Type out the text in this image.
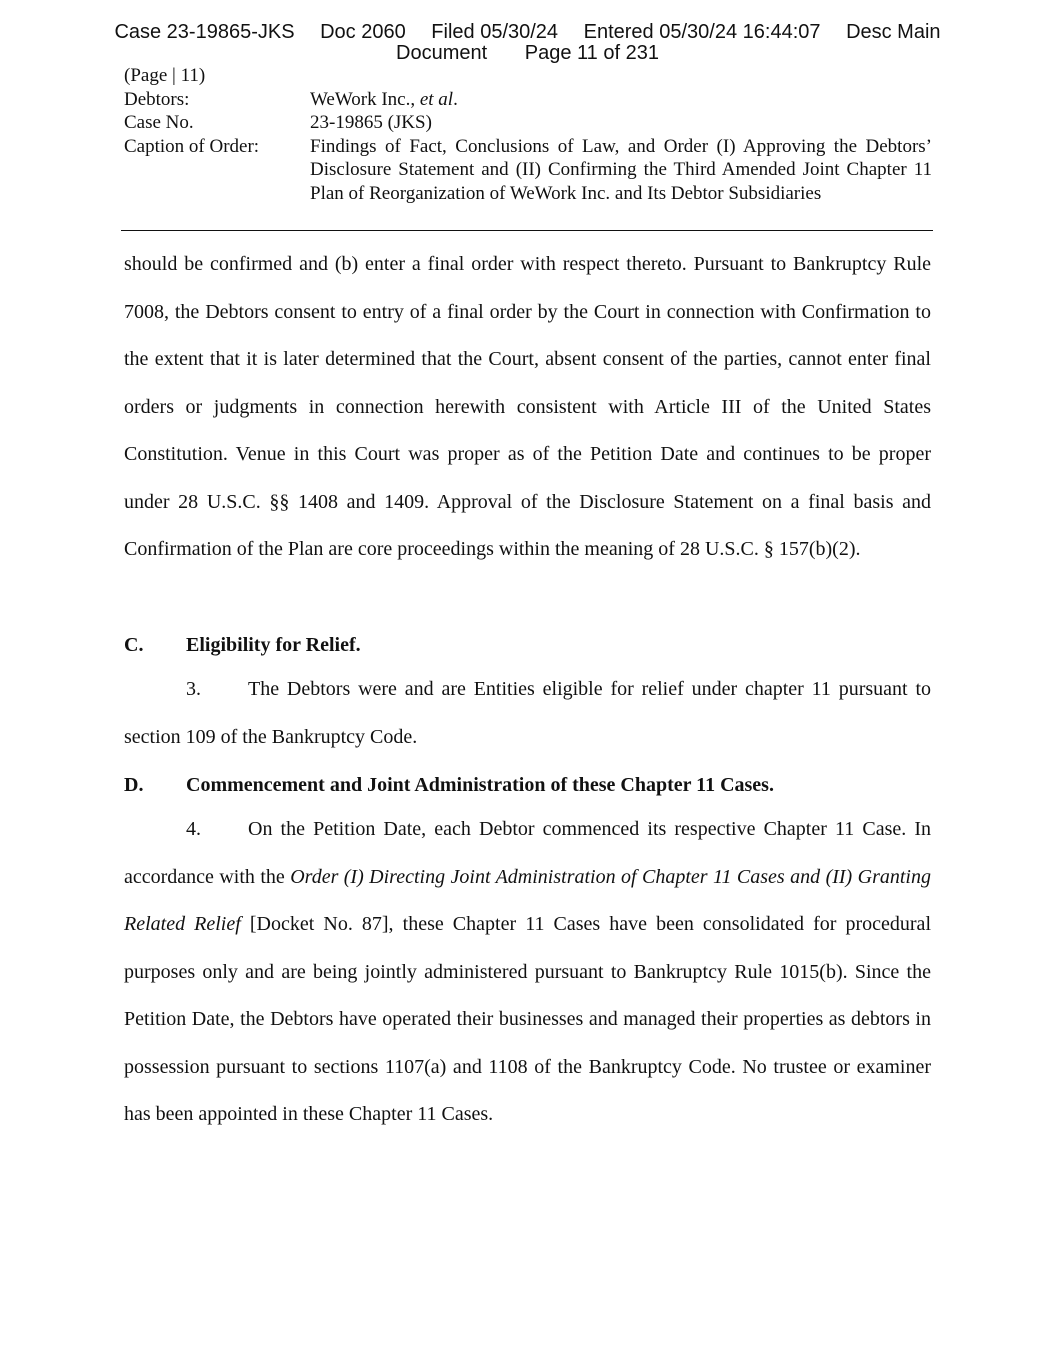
Case 23-19865-JKS Doc 2060 Filed 05/30/24 Entered 05/30/24 16:44:07 Desc Main
Document Page 11 of 231
(Page | 11)
Debtors:	WeWork Inc., et al.
Case No.	23-19865 (JKS)
Caption of Order:	Findings of Fact, Conclusions of Law, and Order (I) Approving the Debtors’ Disclosure Statement and (II) Confirming the Third Amended Joint Chapter 11 Plan of Reorganization of WeWork Inc. and Its Debtor Subsidiaries

should be confirmed and (b) enter a final order with respect thereto. Pursuant to Bankruptcy Rule 7008, the Debtors consent to entry of a final order by the Court in connection with Confirmation to the extent that it is later determined that the Court, absent consent of the parties, cannot enter final orders or judgments in connection herewith consistent with Article III of the United States Constitution. Venue in this Court was proper as of the Petition Date and continues to be proper under 28 U.S.C. §§ 1408 and 1409. Approval of the Disclosure Statement on a final basis and Confirmation of the Plan are core proceedings within the meaning of 28 U.S.C. § 157(b)(2).

C. Eligibility for Relief.

3. The Debtors were and are Entities eligible for relief under chapter 11 pursuant to section 109 of the Bankruptcy Code.

D. Commencement and Joint Administration of these Chapter 11 Cases.

4. On the Petition Date, each Debtor commenced its respective Chapter 11 Case. In accordance with the Order (I) Directing Joint Administration of Chapter 11 Cases and (II) Granting Related Relief [Docket No. 87], these Chapter 11 Cases have been consolidated for procedural purposes only and are being jointly administered pursuant to Bankruptcy Rule 1015(b). Since the Petition Date, the Debtors have operated their businesses and managed their properties as debtors in possession pursuant to sections 1107(a) and 1108 of the Bankruptcy Code. No trustee or examiner has been appointed in these Chapter 11 Cases.
